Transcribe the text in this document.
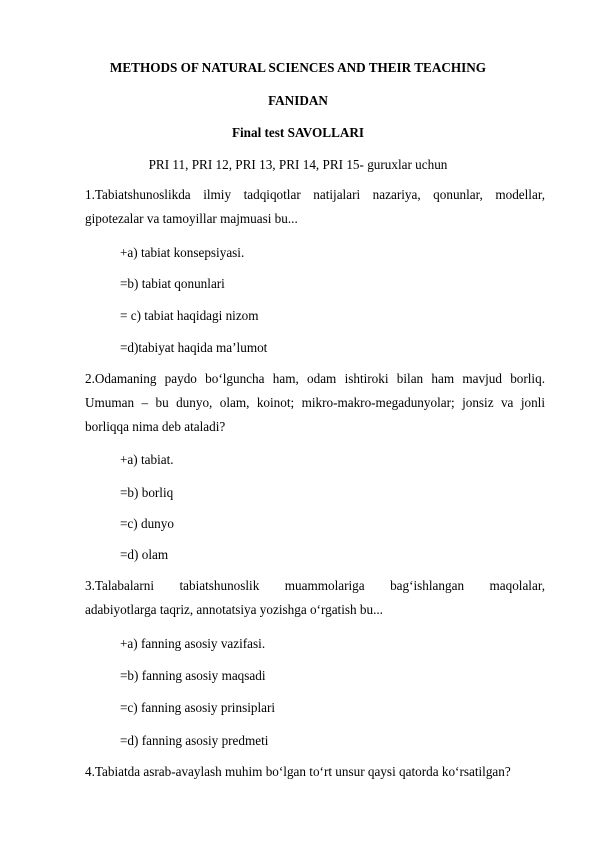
METHODS OF NATURAL SCIENCES AND THEIR TEACHING
FANIDAN
Final test SAVOLLARI
PRI 11, PRI 12, PRI 13, PRI 14, PRI 15- guruxlar uchun
1.Tabiatshunoslikda ilmiy tadqiqotlar natijalari nazariya, qonunlar, modellar,
gipotezalar va tamoyillar majmuasi bu...
+a) tabiat konsepsiyasi.
=b) tabiat qonunlari
= c) tabiat haqidagi nizom
=d)tabiyat haqida ma’lumot
2.Odamaning paydo bo‘lguncha ham, odam ishtiroki bilan ham mavjud borliq.
Umuman – bu dunyo, olam, koinot; mikro-makro-megadunyolar; jonsiz va jonli
borliqqa nima deb ataladi?
+a) tabiat.
=b) borliq
=c) dunyo
=d) olam
3.Talabalarni tabiatshunoslik muammolariga bag‘ishlangan maqolalar,
adabiyotlarga taqriz, annotatsiya yozishga o‘rgatish bu...
+a) fanning asosiy vazifasi.
=b) fanning asosiy maqsadi
=c) fanning asosiy prinsiplari
=d) fanning asosiy predmeti
4.Tabiatda asrab-avaylash muhim bo‘lgan to‘rt unsur qaysi qatorda ko‘rsatilgan?
